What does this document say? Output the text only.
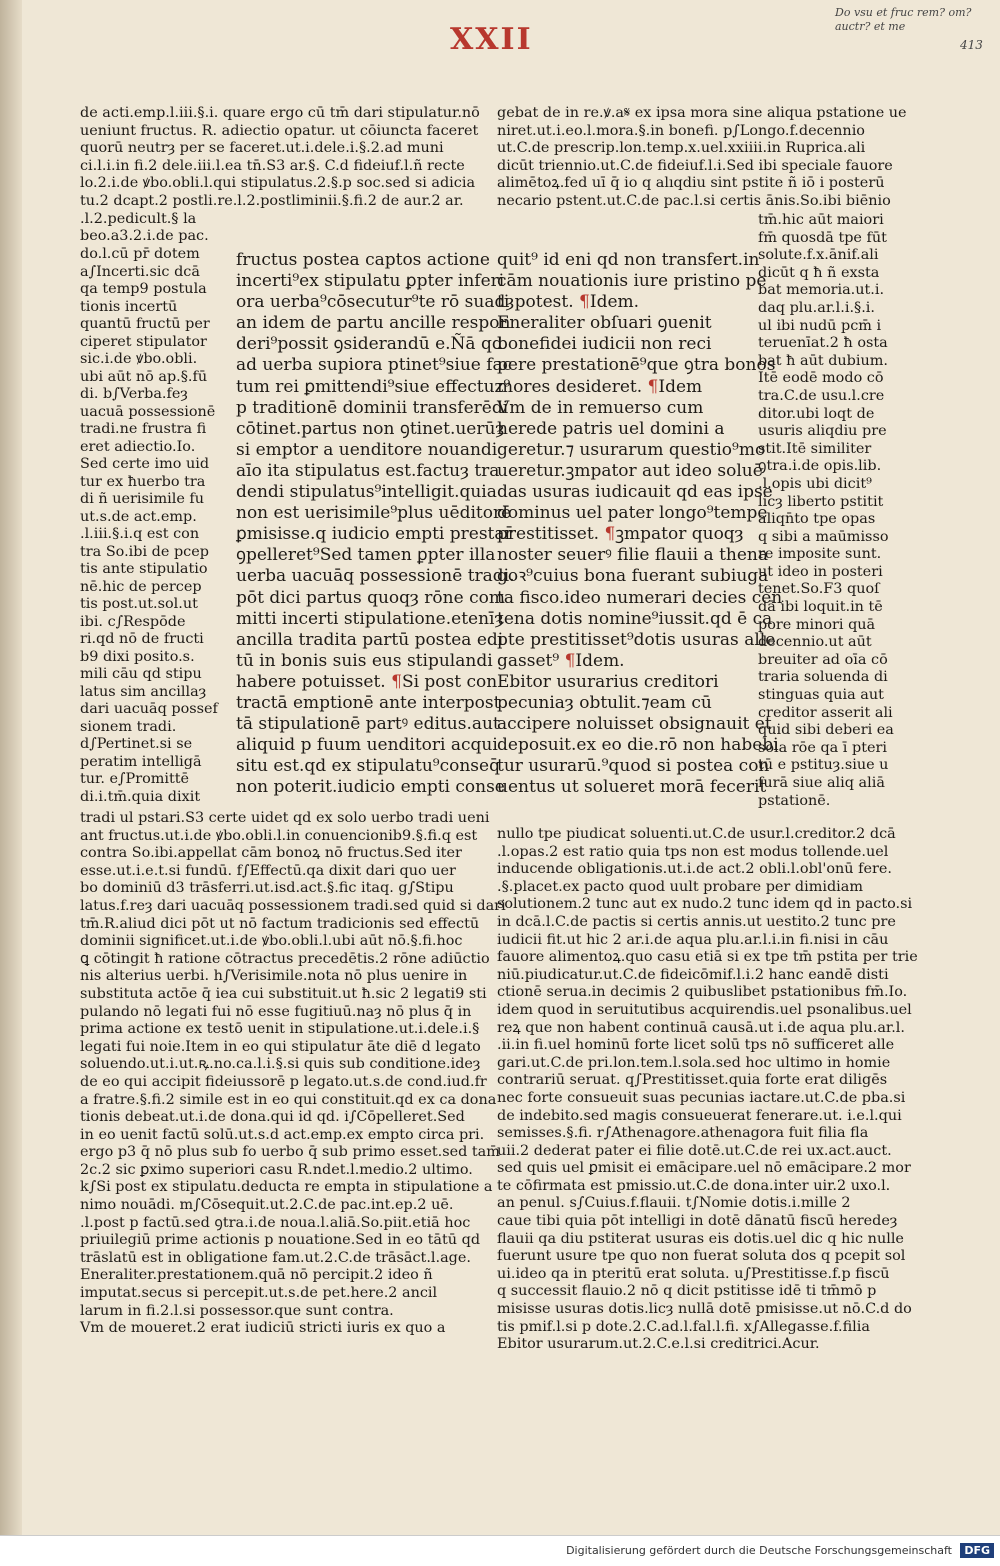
XXII
Do vsu et fruc rem? om? auctr? et me
413

de acti.emp.l.iii.§.i. quare ergo cū tm̄ dari stipulatur.nō

ueniunt fructus. R. adiectio opatur. ut cōiuncta faceret

quorū neutrȝ per se faceret.ut.i.dele.i.§.2.ad muni

ci.l.i.in fi.2 dele.iii.l.ea tn̄.S3 ar.§. C.d fideiuf.l.ñ recte

lo.2.i.de ꝟbo.obli.l.qui stipulatus.2.§.p soc.sed si adicia

tu.2 dcapt.2 postli.re.l.2.postliminii.§.fi.2 de aur.2 ar.

.l.2.pedicult.§ la

beo.a3.2.i.de pac.

do.l.cū pr̄ dotem

a∫Incerti.sic dcā

qa temp9 postula

tionis incertū

quantū fructū per

ciperet stipulator

sic.i.de ꝟbo.obli.

ubi aūt nō ap.§.fū

di. b∫Verba.feȝ

uacuā possessionē

tradi.ne frustra fi

eret adiectio.Io.

Sed certe imo uid

tur ex ħuerbo tra

di ñ uerisimile fu

ut.s.de act.emp.

.l.iii.§.i.q est con

tra So.ibi de pcep

tis ante stipulatio

nē.hic de percep

tis post.ut.sol.ut

ibi. c∫Respōde

ri.qd nō de fructi

b9 dixi posito.s.

mili cāu qd stipu

latus sim ancillaȝ

dari uacuāq possef

sionem tradi.

d∫Pertinet.si se

peratim intelligā

tur. e∫Promittē

di.i.tm̄.quia dixit

fructus postea captos actione

incerti⁹ex stipulatu ꝑpter inferi

ora uerba⁹cōsecutur⁹te rō suadȝ

an idem de partu ancille respon

deri⁹possit ꝯsiderandū e.Ñā qd

ad uerba supiora ptinet⁹siue fac

tum rei ꝑmittendi⁹siue effectuz⁹

p traditionē dominii transferēdi

cōtinet.partus non ꝯtinet.uerūȝ

si emptor a uenditore nouandi

aīo ita stipulatus est.factuȝ tra

dendi stipulatus⁹intelligit.quia

non est uerisimile⁹plus uēditorē

ꝑmisisse.q iudicio empti prestar̄

ꝯpelleret⁹Sed tamen ꝑpter illa

uerba uacuāq possessionē tradi.

pōt dici partus quoqȝ rōne com

mitti incerti stipulatione.etenīȝ

ancilla tradita partū postea edi

tū in bonis suis eus stipulandi

habere potuisset. ¶Si post con

tractā emptionē ante interpost

tā stipulationē partꝰ editus.aut

aliquid p fuum uenditori acqui

situ est.qd ex stipulatu⁹conseq̄

non poterit.iudicio empti conse

gebat de in re.ꝟ.a𝄋 ex ipsa mora sine aliqua pstatione ue

niret.ut.i.eo.l.mora.§.in bonefi. p∫Longo.f.decennio

ut.C.de prescrip.lon.temp.x.uel.xxiiii.in Ruprica.ali

dicūt triennio.ut.C.de fideiuf.l.i.Sed ibi speciale fauore

alimētoꝝ.fed uī q̄ io q alıqdiu sint pstite ñ iō i posterū

necario pstent.ut.C.de pac.l.si certis ānis.So.ibi biēnio

quit⁹ id eni qd non transfert.in

cām nouationis iure pristino pe

ti potest. ¶Idem.

Eneraliter obſuari ꝯuenit

bonefidei iudicii non reci

pere prestationē⁹que ꝯtra bonos

mores desideret. ¶Idem

Vm de in remuerso cum

herede patris uel domini a

geretur.⁊ usurarum questio⁹mo

ueretur.ꝫmpator aut ideo soluē

das usuras iudicauit qd eas ipse

dominus uel pater longo⁹tempe

prestitisset. ¶ꝫmpator quoqȝ

noster seuerꝰ filie flauii a thena

goꝛ⁹cuius bona fuerant subiuga

ta fisco.ideo numerari decies cen

tena dotis nomine⁹iussit.qd ē ca

pte prestitisset⁹dotis usuras alle

gasset⁹ ¶Idem.

Ebitor usurarius creditori

pecuniaȝ obtulit.⁊eam cū

accipere noluisset obsignauit et

deposuit.ex eo die.rō non habebi

tur usurarū.⁹quod si postea con

uentus ut solueret morā fecerit

tm̄.hic aūt maiori

fm̄ quosdā tpe fūt

solute.f.x.ānif.ali

dicūt q ħ ñ exsta

bat memoria.ut.i.

daq plu.ar.l.i.§.i.

ul ibi nudū pcm̄ i

teruenīat.2 ħ osta

bat ħ aūt dubium.

Itē eodē modo cō

tra.C.de usu.l.cre

ditor.ubi loqt de

usuris aliqdiu pre

stit.Itē similiter

ꝯtra.i.de opis.lib.

.l.opis ubi dicit⁹

licȝ liberto pstitit

aliqn̄to tpe opas

q sibi a maūmisso

re imposite sunt.

ut ideo in posteri

tenet.So.F3 quoſ

dā ibi loquit.in tē

pore minori quā

decennio.ut aūt

breuiter ad oīa cō

traria soluenda di

stinguas quia aut

creditor asserit ali

quid sibi deberi ea

sola rōe qa ī pteri

tū e pstituȝ.siue u

furā siue aliq aliā

pstationē.

tradi ul pstari.S3 certe uidet qd ex solo uerbo tradi ueni

ant fructus.ut.i.de ꝟbo.obli.l.in conuencionib9.§.fi.q est

contra So.ibi.appellat cām bonoꝝ nō fructus.Sed iter

esse.ut.i.e.t.si fundū. f∫Effectū.qa dixit dari quo uer

bo dominiū d3 trāsferri.ut.isd.act.§.fic itaq. g∫Stipu

latus.f.reȝ dari uacuāq possessionem tradi.sed quid si dari

tm̄.R.aliud dici pōt ut nō factum tradicionis sed effectū

dominii significet.ut.i.de ꝟbo.obli.l.ubi aūt nō.§.fi.hoc

ꝗ cōtingit ħ ratione cōtractus precedētis.2 rōne adiūctio

nis alterius uerbi. h∫Verisimile.nota nō plus uenire in

substituta actōe q̄ iea cui substituit.ut ħ.sic 2 legati9 sti

pulando nō legati fui nō esse fugitiuū.naȝ nō plus q̄ in

prima actione ex testō uenit in stipulatione.ut.i.dele.i.§

legati fui noie.Item in eo qui stipulatur āte diē d legato

soluendo.ut.i.ut.ꝶ.no.ca.l.i.§.si quis sub conditione.ideȝ

de eo qui accipit fideiussorē p legato.ut.s.de cond.iud.fr

a fratre.§.fi.2 simile est in eo qui constituit.qd ex ca dona

tionis debeat.ut.i.de dona.qui id qd. i∫Cōpelleret.Sed

in eo uenit factū solū.ut.s.d act.emp.ex empto circa pri.

ergo p3 q̄ nō plus sub fo uerbo q̄ sub primo esset.sed tam̄

2c.2 sic ꝑximo superiori casu R.ndet.l.medio.2 ultimo.

k∫Si post ex stipulatu.deducta re empta in stipulatione a

nimo nouādi. m∫Cōsequit.ut.2.C.de pac.int.ep.2 uē.

.l.post p factū.sed ꝯtra.i.de noua.l.aliā.So.piit.etiā hoc

priuilegiū prime actionis p nouatione.Sed in eo tātū qd

trāslatū est in obligatione fam.ut.2.C.de trāsāct.l.age.

Eneraliter.prestationem.quā nō percipit.2 ideo ñ

imputat.secus si percepit.ut.s.de pet.here.2 ancil

larum in fi.2.l.si possessor.que sunt contra.

Vm de moueret.2 erat iudiciū stricti iuris ex quo a

nullo tpe piudicat soluenti.ut.C.de usur.l.creditor.2 dcā

.l.opas.2 est ratio quia tps non est modus tollende.uel

inducende obligationis.ut.i.de act.2 obli.l.obl'onū fere.

.§.placet.ex pacto quod uult probare per dimidiam

solutionem.2 tunc aut ex nudo.2 tunc idem qd in pacto.si

in dcā.l.C.de pactis si certis annis.ut uestito.2 tunc pre

iudicii fit.ut hic 2 ar.i.de aqua plu.ar.l.i.in fi.nisi in cāu

fauore alimentoꝝ.quo casu etiā si ex tpe tm̄ pstita per trie

niū.piudicatur.ut.C.de fideicōmif.l.i.2 hanc eandē disti

ctionē serua.in decimis 2 quibuslibet pstationibus fm̄.Io.

idem quod in seruitutibus acquirendis.uel psonalibus.uel

reꝝ que non habent continuā causā.ut i.de aqua plu.ar.l.

.ii.in fi.uel hominū forte licet solū tps nō sufficeret alle

gari.ut.C.de pri.lon.tem.l.sola.sed hoc ultimo in homie

contrariū seruat. q∫Prestitisset.quia forte erat diligēs

nec forte consueuit suas pecunias iactare.ut.C.de pba.si

de indebito.sed magis consueuerat fenerare.ut. i.e.l.qui

semisses.§.fi. r∫Athenagore.athenagora fuit filia fla

uii.2 dederat pater ei filie dotē.ut.C.de rei ux.act.auct.

sed quis uel ꝑmisit ei emācipare.uel nō emācipare.2 mor

te cōfirmata est pmissio.ut.C.de dona.inter uir.2 uxo.l.

an penul. s∫Cuius.f.flauii. t∫Nomie dotis.i.mille 2

caue tibi quia pōt intelligi in dotē dānatū fiscū heredeȝ

flauii qa diu pstiterat usuras eis dotis.uel dic q hic nulle

fuerunt usure tpe quo non fuerat soluta dos q pcepit sol

ui.ideo qa in pteritū erat soluta. u∫Prestitisse.f.p fiscū

q successit flauio.2 nō q dicit pstitisse idē ti tm̄mō p

misisse usuras dotis.licȝ nullā dotē pmisisse.ut nō.C.d do

tis pmif.l.si p dote.2.C.ad.l.fal.l.fi. x∫Allegasse.f.filia

Ebitor usurarum.ut.2.C.e.l.si creditrici.Acur.

Digitalisierung gefördert durch die Deutsche Forschungsgemeinschaft	DFG
